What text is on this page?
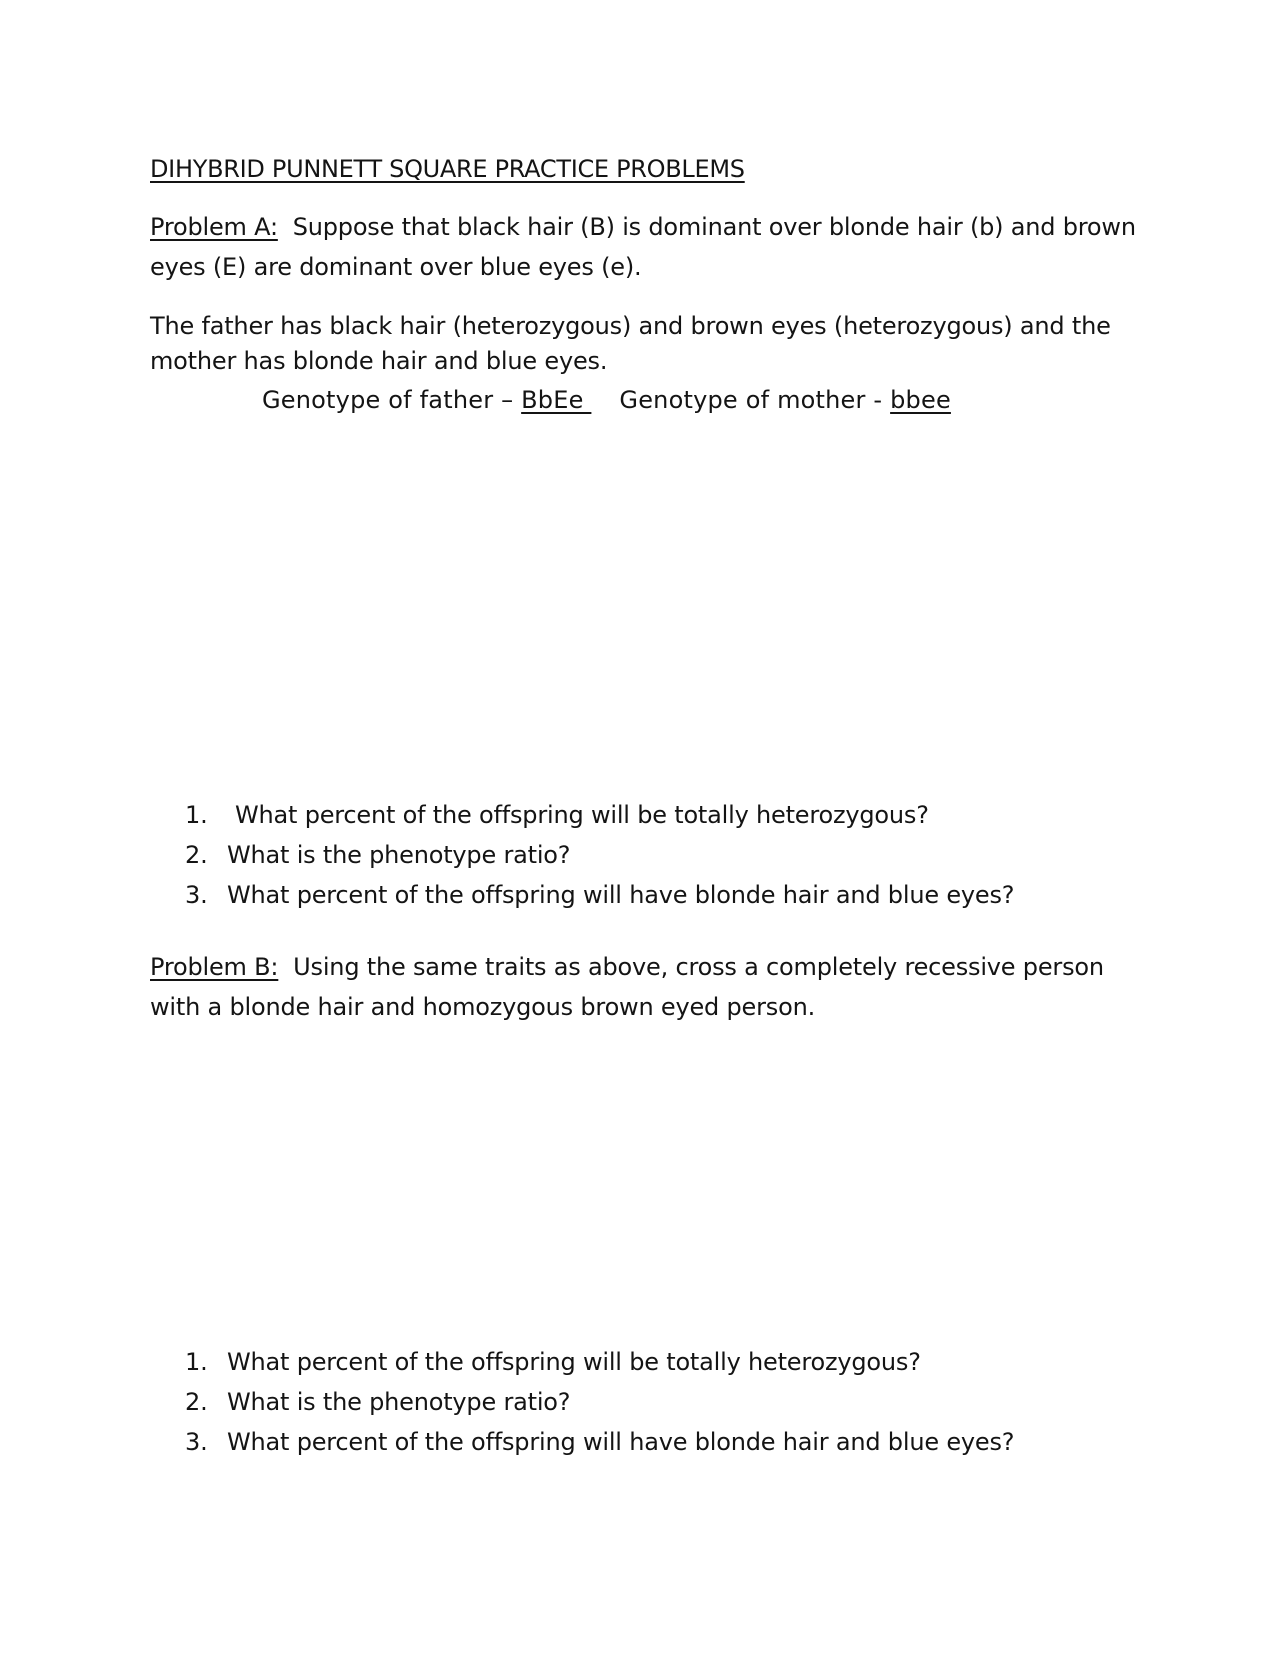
DIHYBRID PUNNETT SQUARE PRACTICE PROBLEMS
Problem A:  Suppose that black hair (B) is dominant over blonde hair (b) and brown
eyes (E) are dominant over blue eyes (e).
The father has black hair (heterozygous) and brown eyes (heterozygous) and the
mother has blonde hair and blue eyes.
Genotype of father – BbEe Genotype of mother - bbee
1. What percent of the offspring will be totally heterozygous?
2. What is the phenotype ratio?
3. What percent of the offspring will have blonde hair and blue eyes?
Problem B:  Using the same traits as above, cross a completely recessive person
with a blonde hair and homozygous brown eyed person.
1. What percent of the offspring will be totally heterozygous?
2. What is the phenotype ratio?
3. What percent of the offspring will have blonde hair and blue eyes?
